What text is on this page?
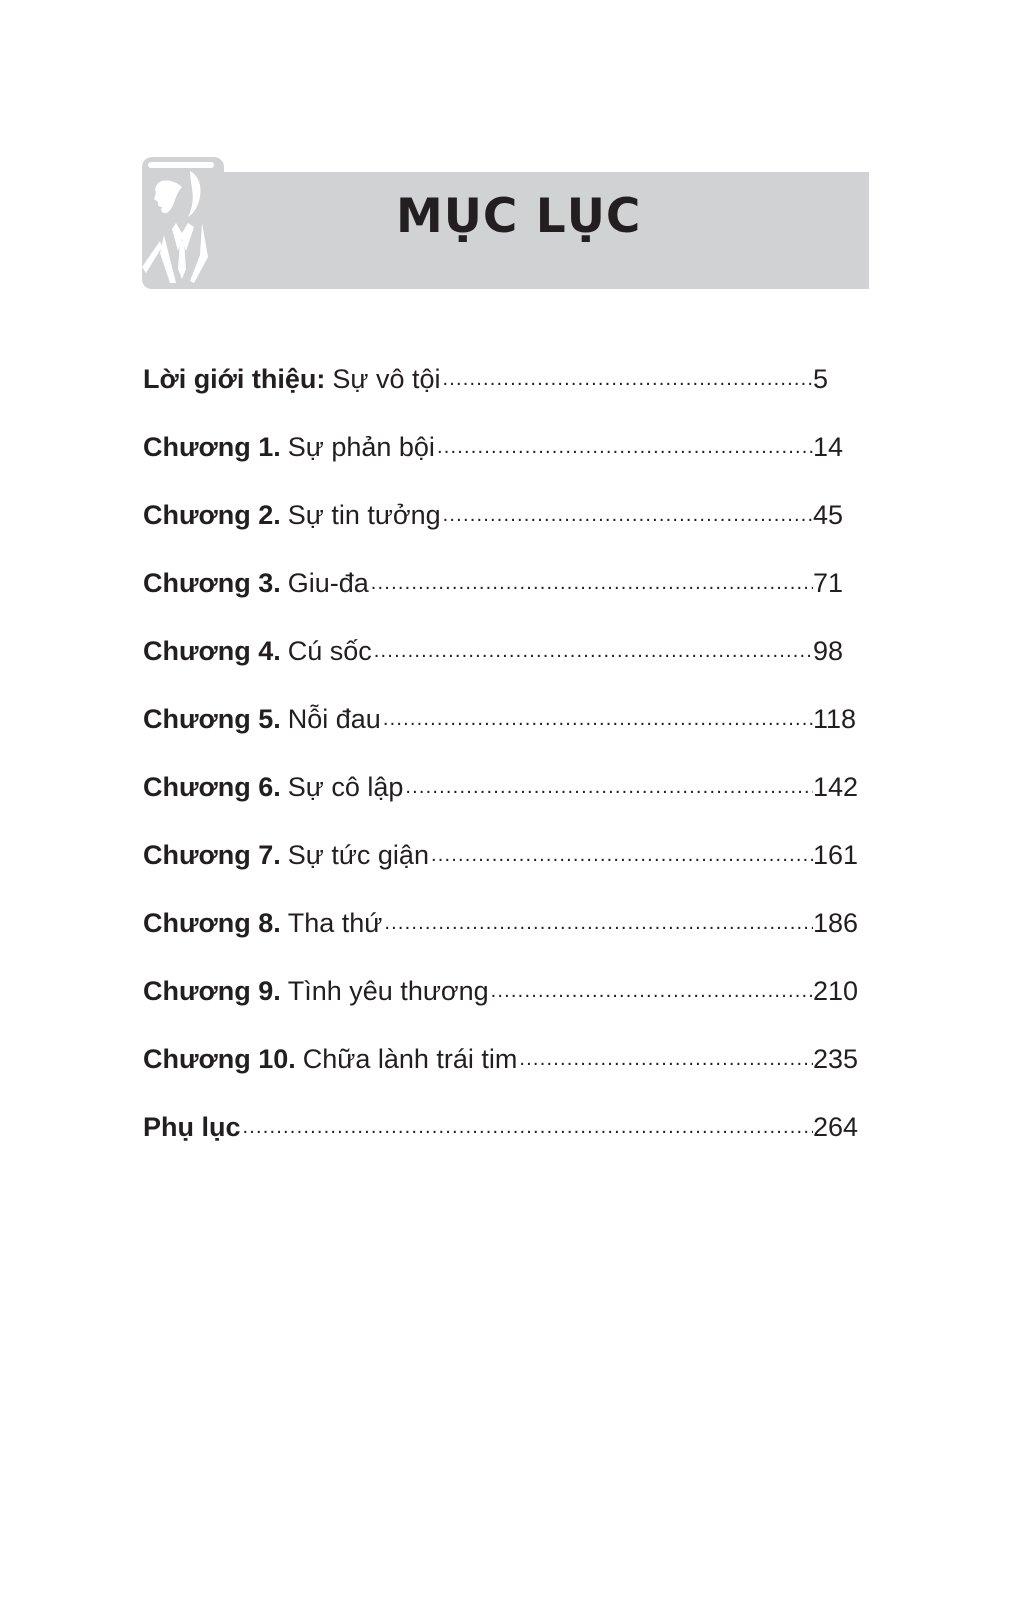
MỤC LỤC
Lời giới thiệu: Sự vô tội .....	5
Chương 1. Sự phản bội .....	14
Chương 2. Sự tin tưởng .....	45
Chương 3. Giu-đa .....	71
Chương 4. Cú sốc .....	98
Chương 5. Nỗi đau .....	118
Chương 6. Sự cô lập .....	142
Chương 7. Sự tức giận .....	161
Chương 8. Tha thứ .....	186
Chương 9. Tình yêu thương .....	210
Chương 10. Chữa lành trái tim .....	235
Phụ lục .....	264
